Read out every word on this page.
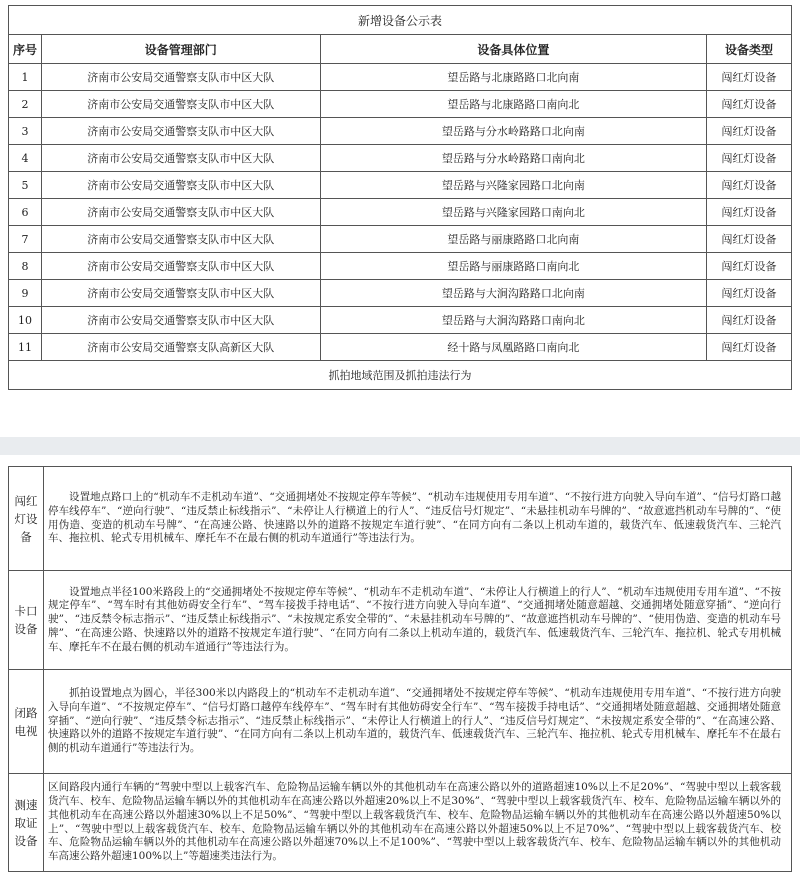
新增设备公示表			
序号	设备管理部门	设备具体位置	设备类型
1	济南市公安局交通警察支队市中区大队	望岳路与北康路路口北向南	闯红灯设备
2	济南市公安局交通警察支队市中区大队	望岳路与北康路路口南向北	闯红灯设备
3	济南市公安局交通警察支队市中区大队	望岳路与分水岭路路口北向南	闯红灯设备
4	济南市公安局交通警察支队市中区大队	望岳路与分水岭路路口南向北	闯红灯设备
5	济南市公安局交通警察支队市中区大队	望岳路与兴隆家园路口北向南	闯红灯设备
6	济南市公安局交通警察支队市中区大队	望岳路与兴隆家园路口南向北	闯红灯设备
7	济南市公安局交通警察支队市中区大队	望岳路与丽康路路口北向南	闯红灯设备
8	济南市公安局交通警察支队市中区大队	望岳路与丽康路路口南向北	闯红灯设备
9	济南市公安局交通警察支队市中区大队	望岳路与大涧沟路路口北向南	闯红灯设备
10	济南市公安局交通警察支队市中区大队	望岳路与大涧沟路路口南向北	闯红灯设备
11	济南市公安局交通警察支队高新区大队	经十路与凤凰路路口南向北	闯红灯设备
抓拍地域范围及抓拍违法行为			
闯红灯设备	　　设置地点路口上的“机动车不走机动车道”、“交通拥堵处不按规定停车等候”、“机动车违规使用专用车道”、“不按行进方向驶入导向车道”、“信号灯路口越停车线停车”、“逆向行驶”、“违反禁止标线指示”、“未停让人行横道上的行人”、“违反信号灯规定”、“未悬挂机动车号牌的”、“故意遮挡机动车号牌的”、“使用伪造、变造的机动车号牌”、“在高速公路、快速路以外的道路不按规定车道行驶”、“在同方向有二条以上机动车道的，载货汽车、低速载货汽车、三轮汽车、拖拉机、轮式专用机械车、摩托车不在最右侧的机动车道通行”等违法行为。

卡口设备	　　设置地点半径100米路段上的“交通拥堵处不按规定停车等候”、“机动车不走机动车道”、“未停让人行横道上的行人”、“机动车违规使用专用车道”、“不按规定停车”、“驾车时有其他妨碍安全行车”、“驾车接拨手持电话”、“不按行进方向驶入导向车道”、“交通拥堵处随意超越、交通拥堵处随意穿插”、“逆向行驶”、“违反禁令标志指示”、“违反禁止标线指示”、“未按规定系安全带的”、“未悬挂机动车号牌的”、“故意遮挡机动车号牌的”、“使用伪造、变造的机动车号牌”、“在高速公路、快速路以外的道路不按规定车道行驶”、“在同方向有二条以上机动车道的，载货汽车、低速载货汽车、三轮汽车、拖拉机、轮式专用机械车、摩托车不在最右侧的机动车道通行”等违法行为。

闭路电视	　　抓拍设置地点为圆心，半径300米以内路段上的“机动车不走机动车道”、“交通拥堵处不按规定停车等候”、“机动车违规使用专用车道”、“不按行进方向驶入导向车道”、“不按规定停车”、“信号灯路口越停车线停车”、“驾车时有其他妨碍安全行车”、“驾车接拨手持电话”、“交通拥堵处随意超越、交通拥堵处随意穿插”、“逆向行驶”、“违反禁令标志指示”、“违反禁止标线指示”、“未停让人行横道上的行人”、“违反信号灯规定”、“未按规定系安全带的”、“在高速公路、快速路以外的道路不按规定车道行驶”、“在同方向有二条以上机动车道的，载货汽车、低速载货汽车、三轮汽车、拖拉机、轮式专用机械车、摩托车不在最右侧的机动车道通行”等违法行为。

测速取证设备	区间路段内通行车辆的“驾驶中型以上载客汽车、危险物品运输车辆以外的其他机动车在高速公路以外的道路超速10%以上不足20%”、“驾驶中型以上载客载货汽车、校车、危险物品运输车辆以外的其他机动车在高速公路以外超速20%以上不足30%”、“驾驶中型以上载客载货汽车、校车、危险物品运输车辆以外的其他机动车在高速公路以外超速30%以上不足50%”、“驾驶中型以上载客载货汽车、校车、危险物品运输车辆以外的其他机动车在高速公路以外超速50%以上”、“驾驶中型以上载客载货汽车、校车、危险物品运输车辆以外的其他机动车在高速公路以外超速50%以上不足70%”、“驾驶中型以上载客载货汽车、校车、危险物品运输车辆以外的其他机动车在高速公路以外超速70%以上不足100%”、“驾驶中型以上载客载货汽车、校车、危险物品运输车辆以外的其他机动车高速公路外超速100%以上”等超速类违法行为。
